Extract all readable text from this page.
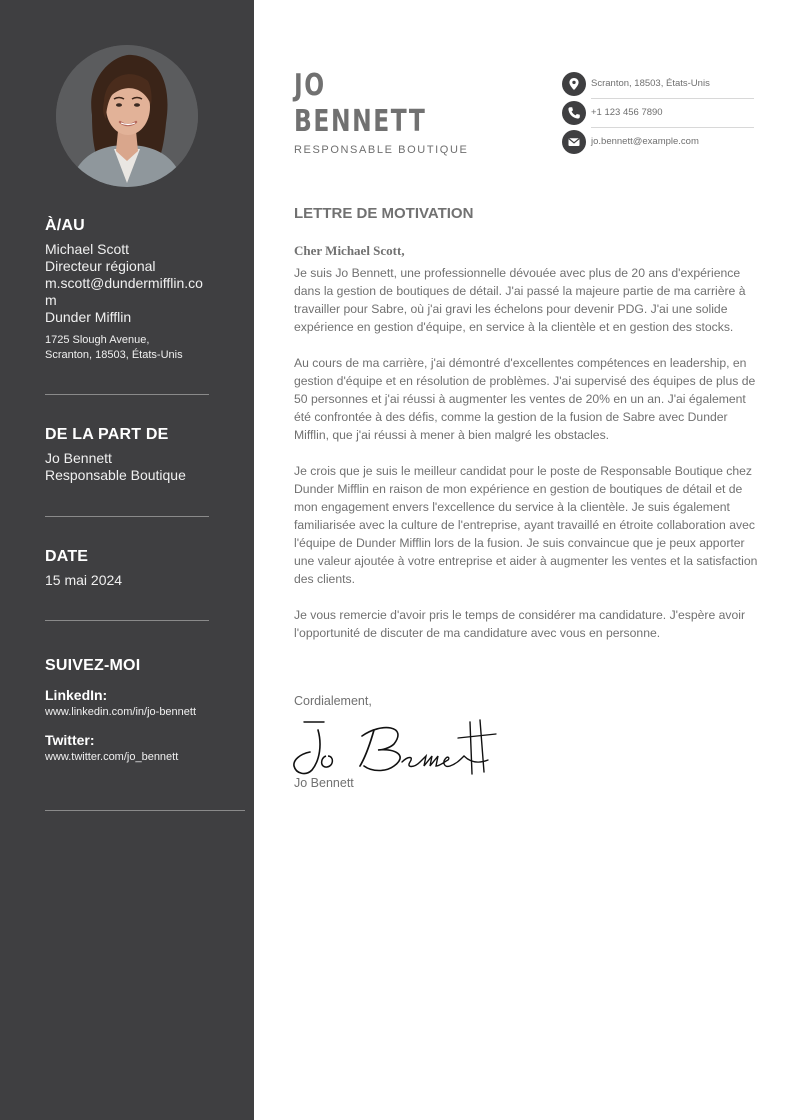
À/AU
Michael Scott
Directeur régional
m.scott@dundermifflin.com
Dunder Mifflin
1725 Slough Avenue,
Scranton, 18503, États-Unis
DE LA PART DE
Jo Bennett
Responsable Boutique
DATE
15 mai 2024
SUIVEZ-MOI
LinkedIn:
www.linkedin.com/in/jo-bennett
Twitter:
www.twitter.com/jo_bennett
JO
BENNETT
RESPONSABLE BOUTIQUE
Scranton, 18503, États-Unis
+1 123 456 7890
jo.bennett@example.com
LETTRE DE MOTIVATION
Cher Michael Scott,

Je suis Jo Bennett, une professionnelle dévouée avec plus de 20 ans d'expérience dans la gestion de boutiques de détail. J'ai passé la majeure partie de ma carrière à travailler pour Sabre, où j'ai gravi les échelons pour devenir PDG. J'ai une solide expérience en gestion d'équipe, en service à la clientèle et en gestion des stocks.

Au cours de ma carrière, j'ai démontré d'excellentes compétences en leadership, en gestion d'équipe et en résolution de problèmes. J'ai supervisé des équipes de plus de 50 personnes et j'ai réussi à augmenter les ventes de 20% en un an. J'ai également été confrontée à des défis, comme la gestion de la fusion de Sabre avec Dunder Mifflin, que j'ai réussi à mener à bien malgré les obstacles.

Je crois que je suis le meilleur candidat pour le poste de Responsable Boutique chez Dunder Mifflin en raison de mon expérience en gestion de boutiques de détail et de mon engagement envers l'excellence du service à la clientèle. Je suis également familiarisée avec la culture de l'entreprise, ayant travaillé en étroite collaboration avec l'équipe de Dunder Mifflin lors de la fusion. Je suis convaincue que je peux apporter une valeur ajoutée à votre entreprise et aider à augmenter les ventes et la satisfaction des clients.

Je vous remercie d'avoir pris le temps de considérer ma candidature. J'espère avoir l'opportunité de discuter de ma candidature avec vous en personne.

Cordialement,
Jo Bennett
